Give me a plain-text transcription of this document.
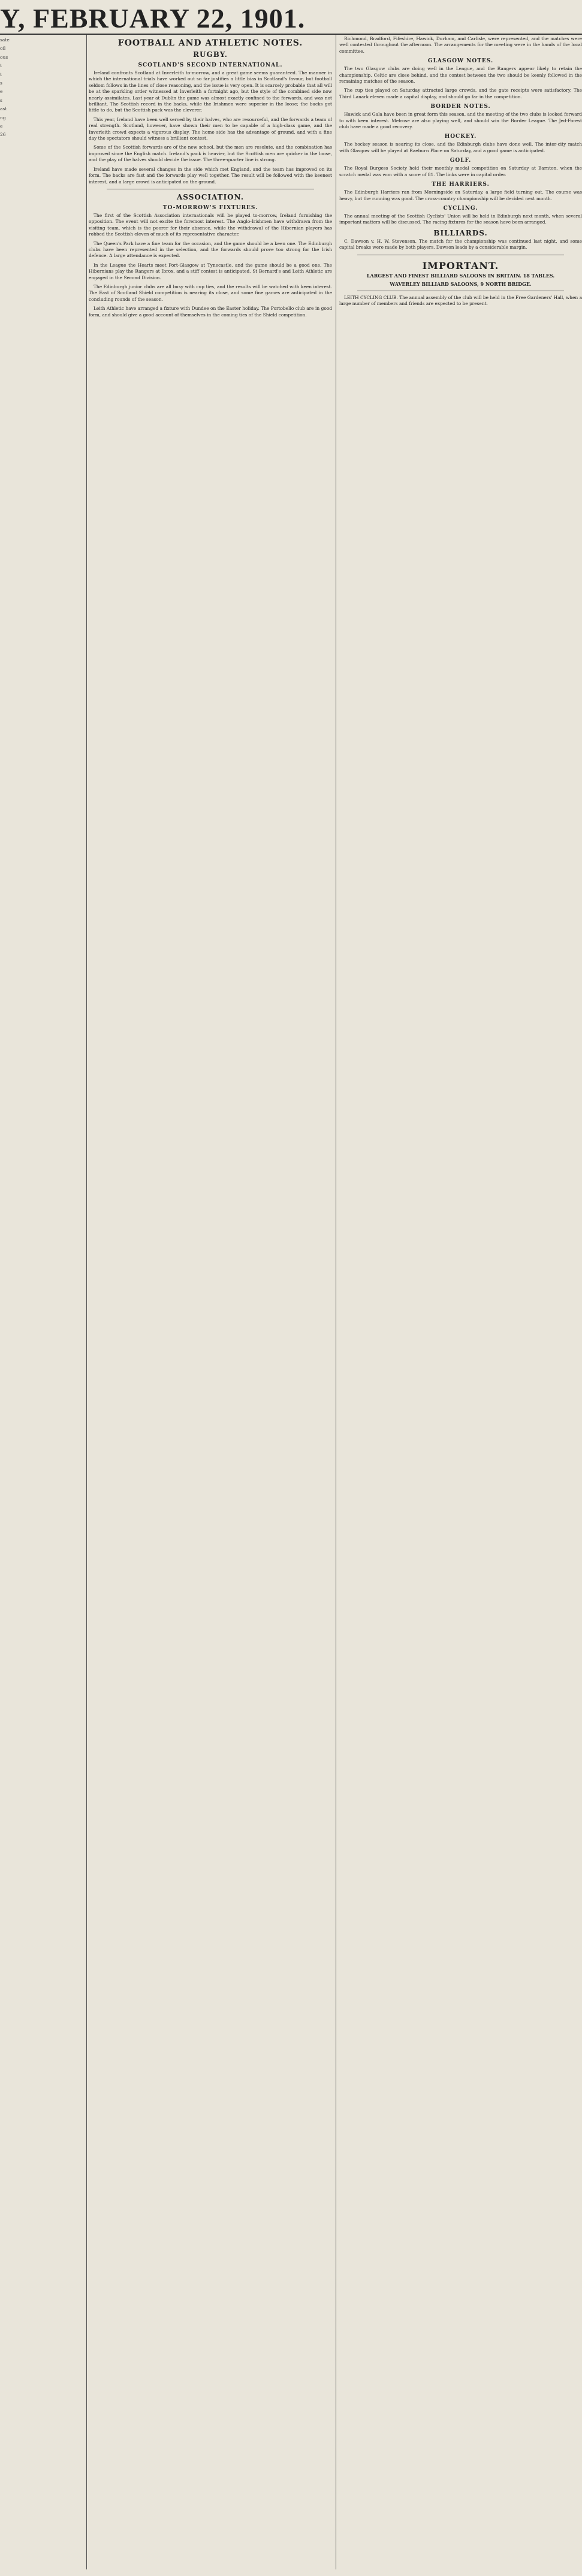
Y, FEBRUARY 22, 1901.
sate
oil
ous
t
t
s
e
s
ast
ng
e
26
FOOTBALL AND ATHLETIC NOTES.
RUGBY.
SCOTLAND'S SECOND INTERNATIONAL.

Ireland confronts Scotland at Inverleith to-morrow, and a great game seems guaranteed. The manner in which the international trials have worked out so far justifies a little bias in Scotland's favour, but football seldom follows in the lines of close reasoning, and the issue is very open. It is scarcely probable that all will be at the sparkling order witnessed at Inverleith a fortnight ago, but the style of the combined side now nearly assimilates. Last year at Dublin the game was almost exactly confined to the forwards, and was not brilliant. The Scottish record in the backs, while the Irishmen were superior in the loose; the backs got little to do, but the Scottish pack was the cleverer.

This year, Ireland have been well served by their halves, who are resourceful, and the forwards a team of real strength. Scotland, however, have shown their men to be capable of a high-class game, and the Inverleith crowd expects a vigorous display. The home side has the advantage of ground, and with a fine day the spectators should witness a brilliant contest.

Some of the Scottish forwards are of the new school, but the men are resolute, and the combination has improved since the English match. Ireland's pack is heavier, but the Scottish men are quicker in the loose, and the play of the halves should decide the issue. The three-quarter line is strong.

Ireland have made several changes in the side which met England, and the team has improved on its form. The backs are fast and the forwards play well together. The result will be followed with the keenest interest, and a large crowd is anticipated on the ground.

ASSOCIATION.
TO-MORROW'S FIXTURES.

The first of the Scottish Association internationals will be played to-morrow, Ireland furnishing the opposition. The event will not excite the foremost interest. The Anglo-Irishmen have withdrawn from the visiting team, which is the poorer for their absence, while the withdrawal of the Hibernian players has robbed the Scottish eleven of much of its representative character.

The Queen's Park have a fine team for the occasion, and the game should be a keen one. The Edinburgh clubs have been represented in the selection, and the forwards should prove too strong for the Irish defence. A large attendance is expected.

In the League the Hearts meet Port-Glasgow at Tynecastle, and the game should be a good one. The Hibernians play the Rangers at Ibrox, and a stiff contest is anticipated. St Bernard's and Leith Athletic are engaged in the Second Division.

The Edinburgh junior clubs are all busy with cup ties, and the results will be watched with keen interest. The East of Scotland Shield competition is nearing its close, and some fine games are anticipated in the concluding rounds of the season.

Leith Athletic have arranged a fixture with Dundee on the Easter holiday. The Portobello club are in good form, and should give a good account of themselves in the coming ties of the Shield competition.

Richmond, Bradford, Fifeshire, Hawick, Durham, and Carlisle, were represented, and the matches were well contested throughout the afternoon. The arrangements for the meeting were in the hands of the local committee.

GLASGOW NOTES.

The two Glasgow clubs are doing well in the League, and the Rangers appear likely to retain the championship. Celtic are close behind, and the contest between the two should be keenly followed in the remaining matches of the season.

The cup ties played on Saturday attracted large crowds, and the gate receipts were satisfactory. The Third Lanark eleven made a capital display, and should go far in the competition.

BORDER NOTES.

Hawick and Gala have been in great form this season, and the meeting of the two clubs is looked forward to with keen interest. Melrose are also playing well, and should win the Border League. The Jed-Forest club have made a good recovery.

HOCKEY.

The hockey season is nearing its close, and the Edinburgh clubs have done well. The inter-city match with Glasgow will be played at Raeburn Place on Saturday, and a good game is anticipated.

GOLF.

The Royal Burgess Society held their monthly medal competition on Saturday at Barnton, when the scratch medal was won with a score of 81. The links were in capital order.

THE HARRIERS.

The Edinburgh Harriers ran from Morningside on Saturday, a large field turning out. The course was heavy, but the running was good. The cross-country championship will be decided next month.

CYCLING.

The annual meeting of the Scottish Cyclists' Union will be held in Edinburgh next month, when several important matters will be discussed. The racing fixtures for the season have been arranged.

BILLIARDS.

C. Dawson v. H. W. Stevenson. The match for the championship was continued last night, and some capital breaks were made by both players. Dawson leads by a considerable margin.

IMPORTANT.
LARGEST AND FINEST BILLIARD SALOONS IN BRITAIN. 18 TABLES.
WAVERLEY BILLIARD SALOONS, 9 NORTH BRIDGE.

LEITH CYCLING CLUB. The annual assembly of the club will be held in the Free Gardeners' Hall, when a large number of members and friends are expected to be present.
